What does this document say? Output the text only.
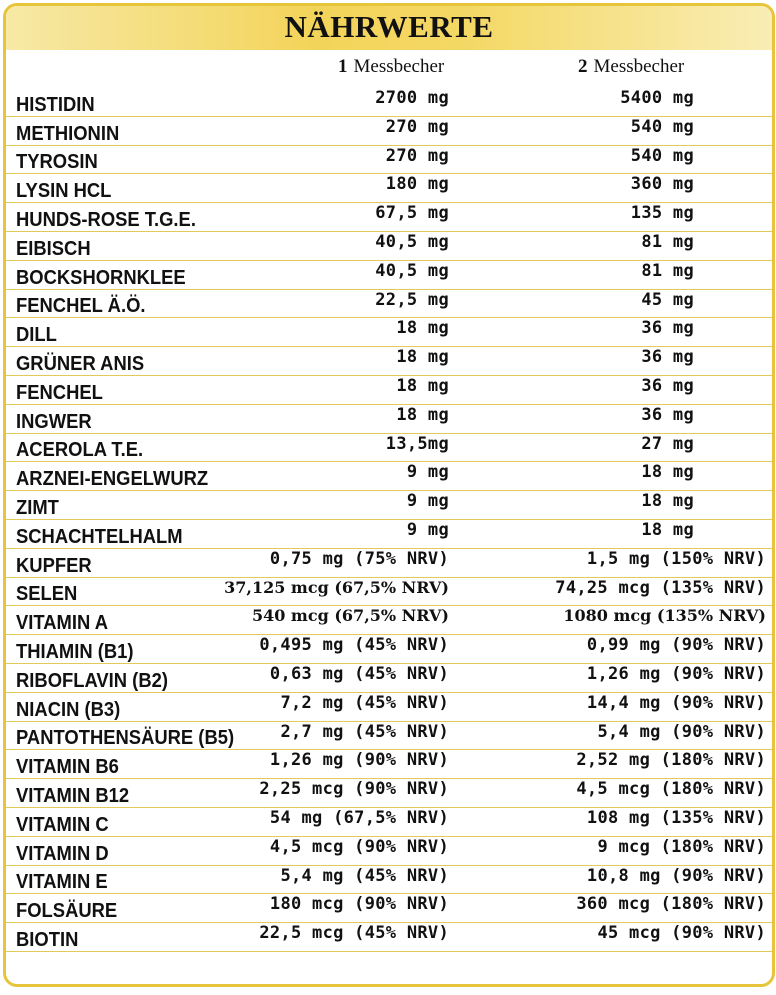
NÄHRWERTE
1 Messbecher	2 Messbecher
HISTIDIN	2700 mg	5400 mg
METHIONIN	270 mg	540 mg
TYROSIN	270 mg	540 mg
LYSIN HCL	180 mg	360 mg
HUNDS-ROSE T.G.E.	67,5 mg	135 mg
EIBISCH	40,5 mg	81 mg
BOCKSHORNKLEE	40,5 mg	81 mg
FENCHEL Ä.Ö.	22,5 mg	45 mg
DILL	18 mg	36 mg
GRÜNER ANIS	18 mg	36 mg
FENCHEL	18 mg	36 mg
INGWER	18 mg	36 mg
ACEROLA T.E.	13,5mg	27 mg
ARZNEI-ENGELWURZ	9 mg	18 mg
ZIMT	9 mg	18 mg
SCHACHTELHALM	9 mg	18 mg
KUPFER	0,75 mg (75% NRV)	1,5 mg (150% NRV)
SELEN	37,125 mcg (67,5% NRV)	74,25 mcg (135% NRV)
VITAMIN A	540 mcg (67,5% NRV)	1080 mcg (135% NRV)
THIAMIN (B1)	0,495 mg (45% NRV)	0,99 mg (90% NRV)
RIBOFLAVIN (B2)	0,63 mg (45% NRV)	1,26 mg (90% NRV)
NIACIN (B3)	7,2 mg (45% NRV)	14,4 mg (90% NRV)
PANTOTHENSÄURE (B5)	2,7 mg (45% NRV)	5,4 mg (90% NRV)
VITAMIN B6	1,26 mg (90% NRV)	2,52 mg (180% NRV)
VITAMIN B12	2,25 mcg (90% NRV)	4,5 mcg (180% NRV)
VITAMIN C	54 mg (67,5% NRV)	108 mg (135% NRV)
VITAMIN D	4,5 mcg (90% NRV)	9 mcg (180% NRV)
VITAMIN E	5,4 mg (45% NRV)	10,8 mg (90% NRV)
FOLSÄURE	180 mcg (90% NRV)	360 mcg (180% NRV)
BIOTIN	22,5 mcg (45% NRV)	45 mcg (90% NRV)
